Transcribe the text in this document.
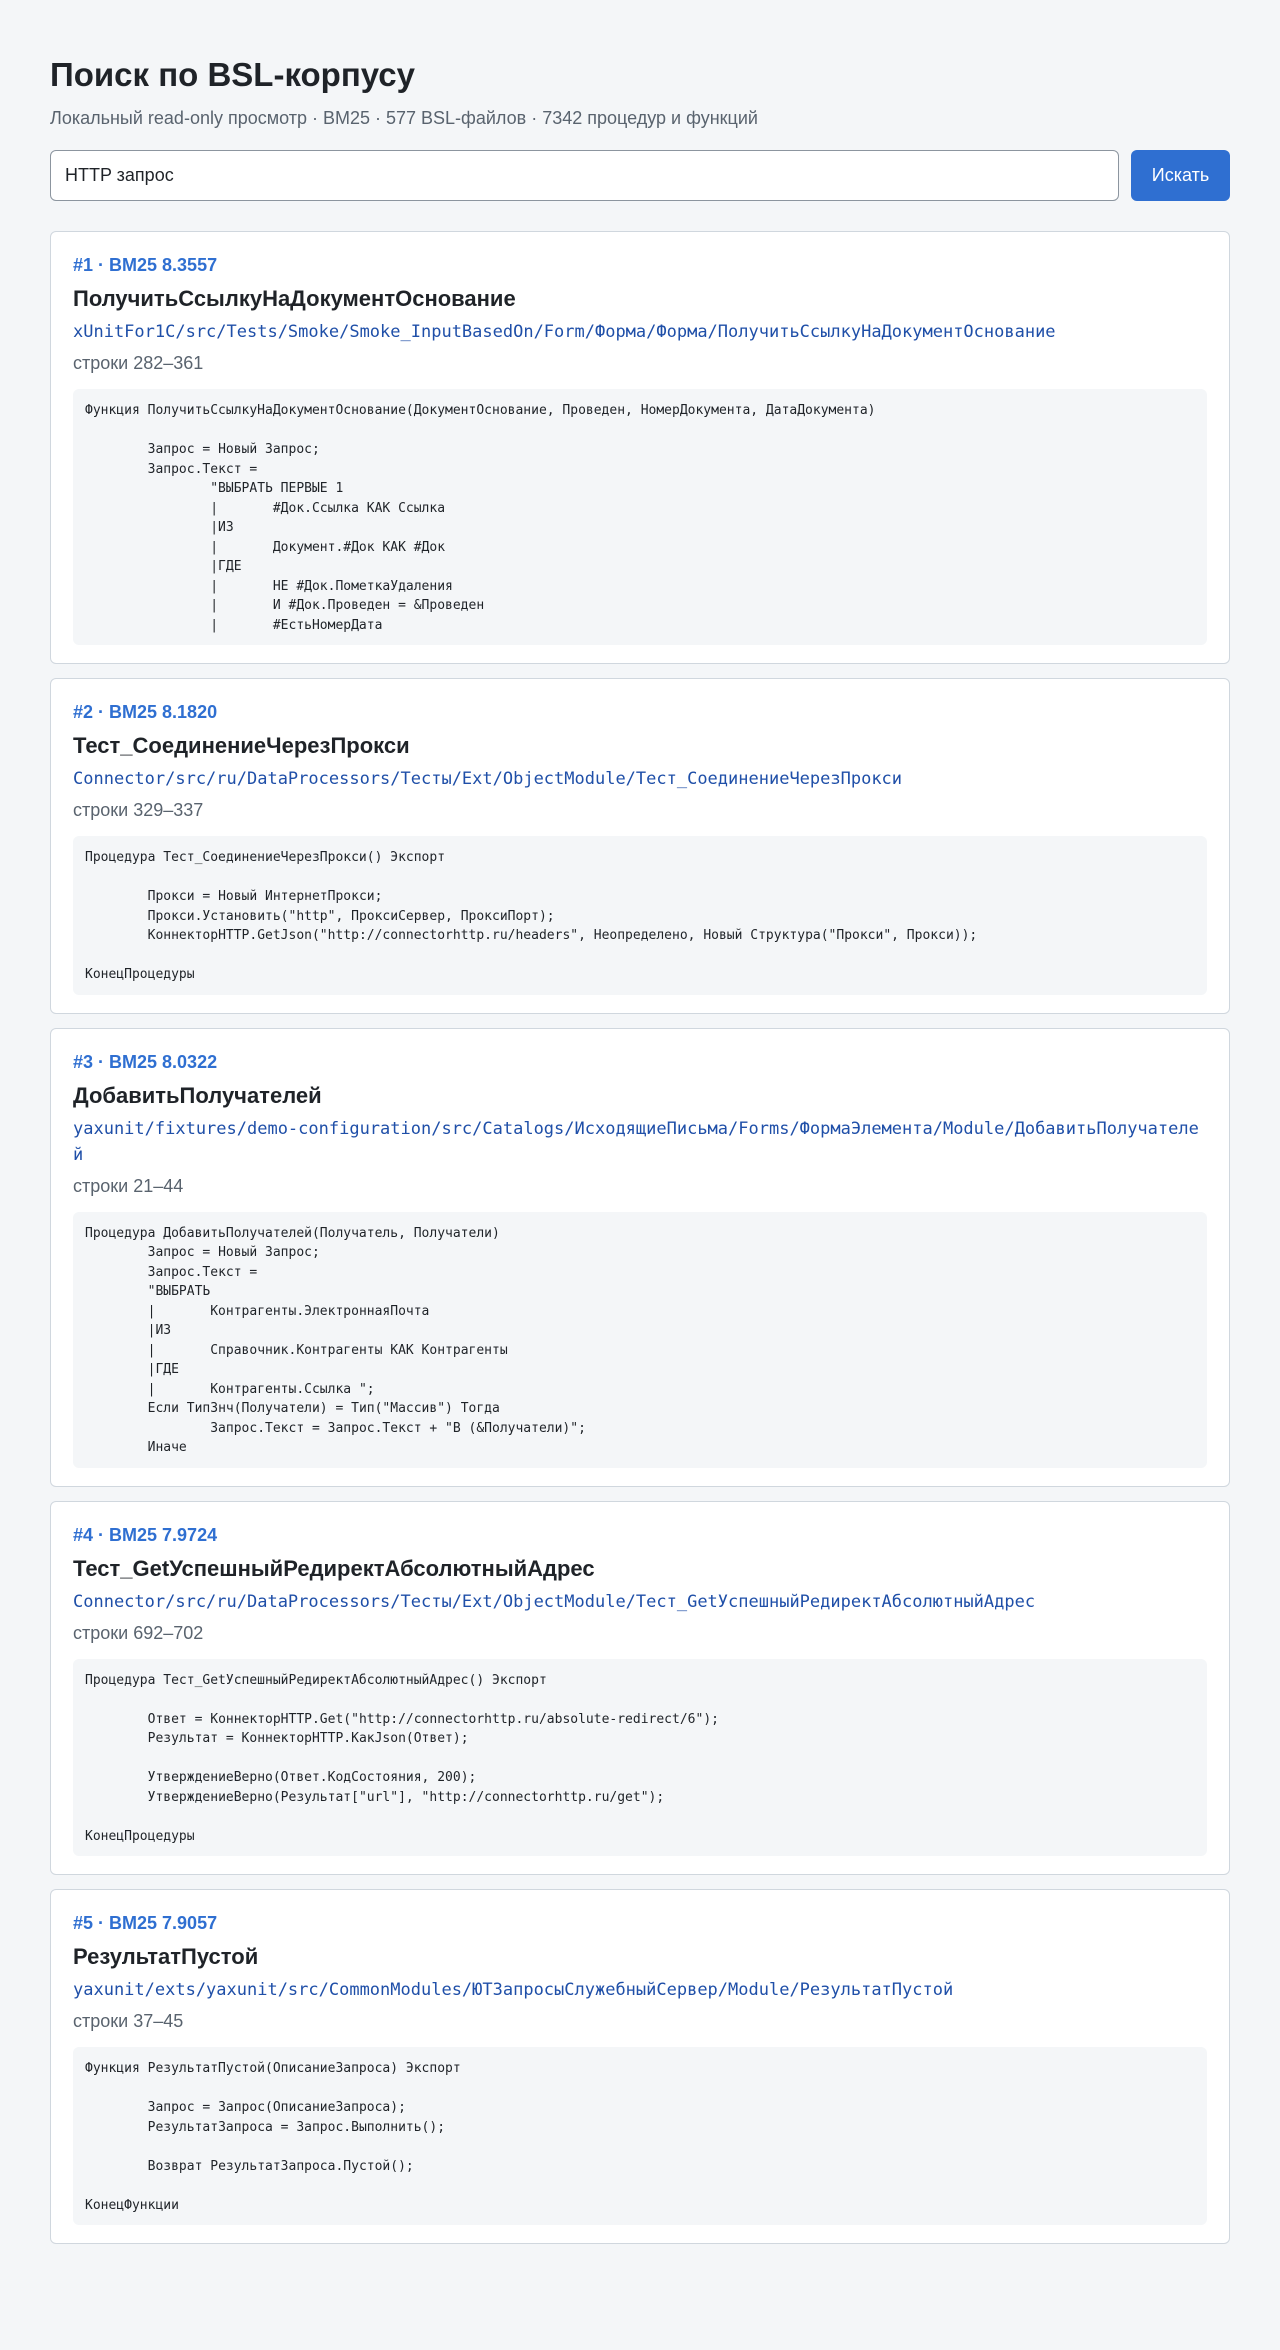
Поиск по BSL-корпусу
Локальный read-only просмотр · BM25 · 577 BSL-файлов · 7342 процедур и функций
HTTP запрос
Искать
#1 · BM25 8.3557
ПолучитьСсылкуНаДокументОснование
xUnitFor1C/src/Tests/Smoke/Smoke_InputBasedOn/Form/Форма/Форма/ПолучитьСсылкуНаДокументОснование
строки 282–361
Функция ПолучитьСсылкуНаДокументОснование(ДокументОснование, Проведен, НомерДокумента, ДатаДокумента)

	Запрос = Новый Запрос;
	Запрос.Текст =
		"ВЫБРАТЬ ПЕРВЫЕ 1
		|	#Док.Ссылка КАК Ссылка
		|ИЗ
		|	Документ.#Док КАК #Док
		|ГДЕ
		|	НЕ #Док.ПометкаУдаления
		|	И #Док.Проведен = &Проведен
		|	#ЕстьНомерДата
#2 · BM25 8.1820
Тест_СоединениеЧерезПрокси
Connector/src/ru/DataProcessors/Тесты/Ext/ObjectModule/Тест_СоединениеЧерезПрокси
строки 329–337
Процедура Тест_СоединениеЧерезПрокси() Экспорт

	Прокси = Новый ИнтернетПрокси;
	Прокси.Установить("http", ПроксиСервер, ПроксиПорт);
	КоннекторHTTP.GetJson("http://connectorhttp.ru/headers", Неопределено, Новый Структура("Прокси", Прокси));

КонецПроцедуры
#3 · BM25 8.0322
ДобавитьПолучателей
yaxunit/fixtures/demo-configuration/src/Catalogs/ИсходящиеПисьма/Forms/ФормаЭлемента/Module/ДобавитьПолучателей
строки 21–44
Процедура ДобавитьПолучателей(Получатель, Получатели)
	Запрос = Новый Запрос;
	Запрос.Текст =
	"ВЫБРАТЬ
	|	Контрагенты.ЭлектроннаяПочта
	|ИЗ
	|	Справочник.Контрагенты КАК Контрагенты
	|ГДЕ
	|	Контрагенты.Ссылка ";
	Если ТипЗнч(Получатели) = Тип("Массив") Тогда
		Запрос.Текст = Запрос.Текст + "В (&Получатели)";
	Иначе
#4 · BM25 7.9724
Тест_GetУспешныйРедиректАбсолютныйАдрес
Connector/src/ru/DataProcessors/Тесты/Ext/ObjectModule/Тест_GetУспешныйРедиректАбсолютныйАдрес
строки 692–702
Процедура Тест_GetУспешныйРедиректАбсолютныйАдрес() Экспорт

	Ответ = КоннекторHTTP.Get("http://connectorhttp.ru/absolute-redirect/6");
	Результат = КоннекторHTTP.КакJson(Ответ);

	УтверждениеВерно(Ответ.КодСостояния, 200);
	УтверждениеВерно(Результат["url"], "http://connectorhttp.ru/get");

КонецПроцедуры
#5 · BM25 7.9057
РезультатПустой
yaxunit/exts/yaxunit/src/CommonModules/ЮТЗапросыСлужебныйСервер/Module/РезультатПустой
строки 37–45
Функция РезультатПустой(ОписаниеЗапроса) Экспорт

	Запрос = Запрос(ОписаниеЗапроса);
	РезультатЗапроса = Запрос.Выполнить();

	Возврат РезультатЗапроса.Пустой();

КонецФункции
